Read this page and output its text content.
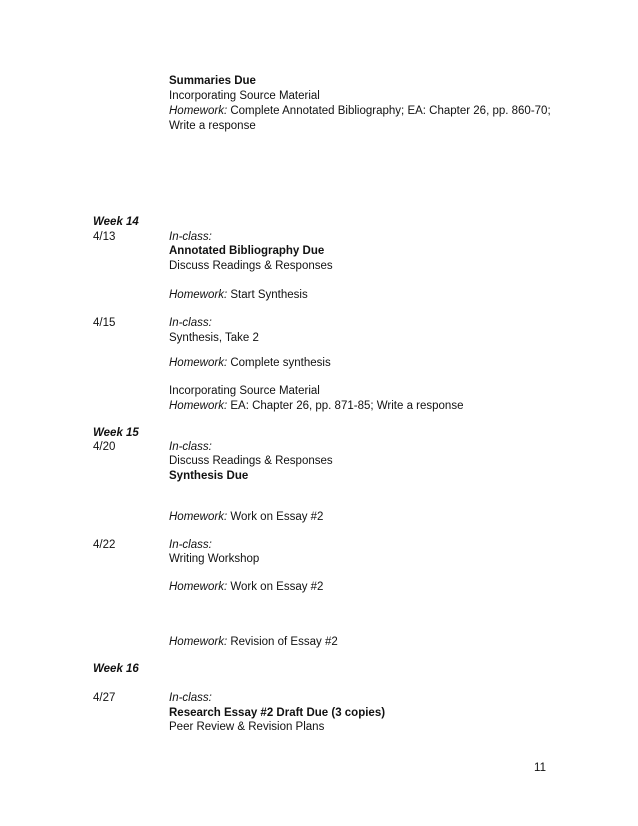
Summaries Due
Incorporating Source Material
Homework: Complete Annotated Bibliography; EA: Chapter 26, pp. 860-70;
Write a response
Week 14
4/13	In-class:
Annotated Bibliography Due
Discuss Readings & Responses
Homework: Start Synthesis
4/15	In-class:
Synthesis, Take 2
Homework: Complete synthesis
Incorporating Source Material
Homework: EA: Chapter 26, pp. 871-85; Write a response
Week 15
4/20	In-class:
Discuss Readings & Responses
Synthesis Due
Homework: Work on Essay #2
4/22	In-class:
Writing Workshop
Homework: Work on Essay #2
Homework: Revision of Essay #2
Week 16
4/27	In-class:
Research Essay #2 Draft Due (3 copies)
Peer Review & Revision Plans
11
